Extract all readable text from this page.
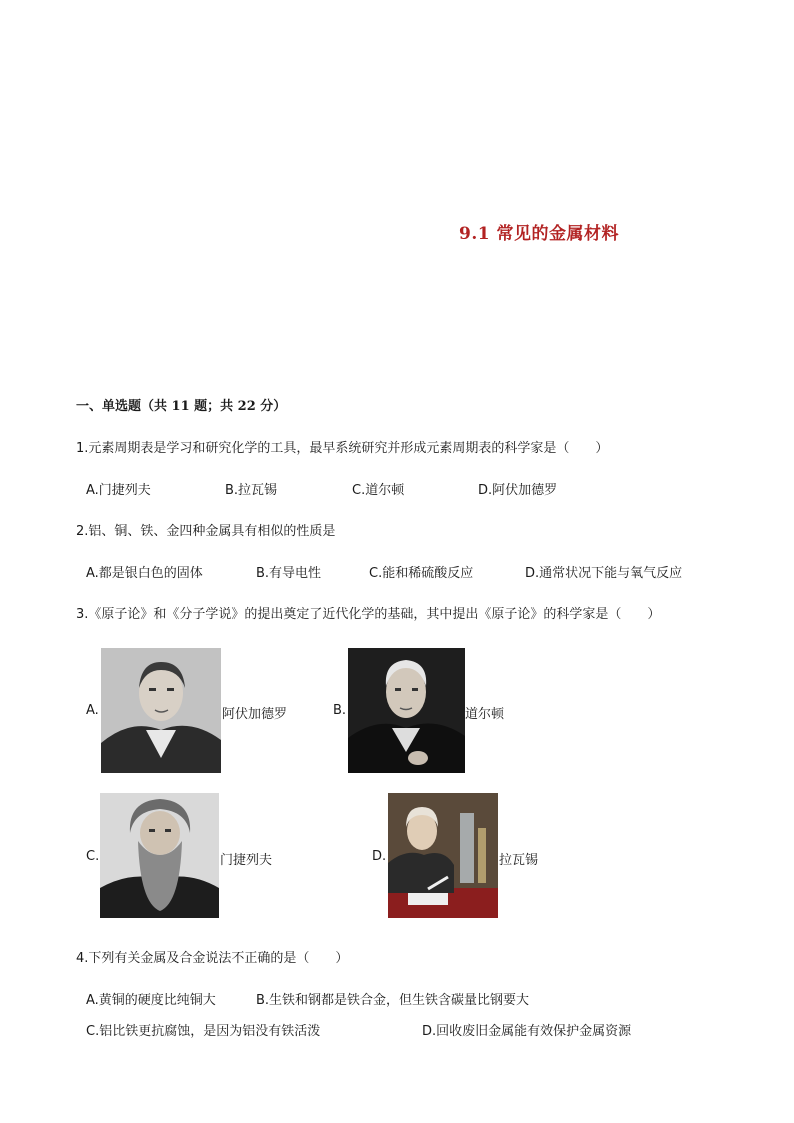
9.1 常见的金属材料
一、单选题（共 11 题；共 22 分）
1.元素周期表是学习和研究化学的工具，最早系统研究并形成元素周期表的科学家是（　　）
A.门捷列夫	B.拉瓦锡	C.道尔顿	D.阿伏加德罗
2.铝、铜、铁、金四种金属具有相似的性质是
A.都是银白色的固体	B.有导电性	C.能和稀硫酸反应	D.通常状况下能与氧气反应
3.《原子论》和《分子学说》的提出奠定了近代化学的基础，其中提出《原子论》的科学家是（　　）
A.	阿伏加德罗	B.	道尔顿
C.	门捷列夫	D.	拉瓦锡
4.下列有关金属及合金说法不正确的是（　　）
A.黄铜的硬度比纯铜大	B.生铁和钢都是铁合金，但生铁含碳量比钢要大
C.铝比铁更抗腐蚀，是因为铝没有铁活泼	D.回收废旧金属能有效保护金属资源
